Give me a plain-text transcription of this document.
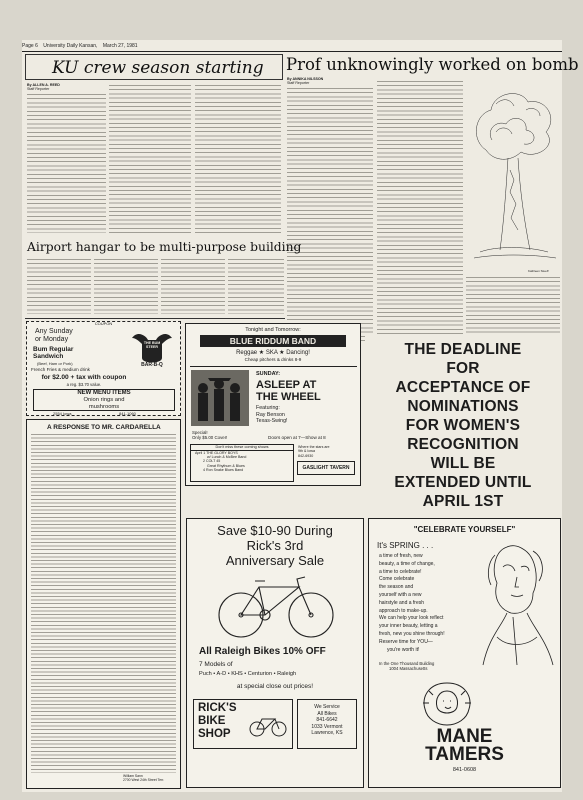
Page 6 University Daily Kansan, March 27, 1981
KU crew season starting
By ALLEN A. REED
Staff Reporter
Prof unknowingly worked on bomb
By ANNIKA NILSSON
Staff Reporter
Kathleen Stueff
Airport hangar to be multi-purpose building
COUPON
Any Sunday
or Monday
Bum Regular
Sandwich
(Beef, Ham or Pork)
French Fries & medium drink
for $2.00 + tax with coupon
a reg. $3.70 value.
THE BUM STEER
BAR-B-Q
NEW MENU ITEMS
Onion rings and
mushrooms
2554 Iowa	841-1060
Tonight and Tomorrow:
BLUE RIDDUM BAND
Reggae ★ SKA ★ Dancing!
Cheap pitchers & drinks 8-9
SUNDAY:
ASLEEP AT
THE WHEEL
Featuring:
Ray Benson
Texas-Swing!
Special!
Only $5.00 Cover!	Doors open at 7—Show at 8
Don't miss these coming shows
April 1 THE GLORY BOYS
w/ Lunch & McBee Band
2 COLT 45
Great Rhythum & Blues
4 Ron Snake Blues Band
Where the stars are
9th & Iowa
842-6930
GASLIGHT TAVERN
A RESPONSE TO MR. CARDARELLA
William Sann
2700 West 24th Street Terr.
THE DEADLINE
FOR
ACCEPTANCE OF
NOMINATIONS
FOR WOMEN'S
RECOGNITION
WILL BE
EXTENDED UNTIL
APRIL 1ST
Save $10-90 During
Rick's 3rd
Anniversary Sale
All Raleigh Bikes 10% OFF
7 Models of
Puch • A-D • KHS • Centurion • Raleigh
at special close out prices!
RICK'S
BIKE
SHOP
We Service
All Bikes
841-6642
1033 Vermont
Lawrence, KS
"CELEBRATE YOURSELF"
It's SPRING . . .
a time of fresh, new
beauty, a time of change,
a time to celebrate!
Come celebrate
the season and
yourself with a new
hairstyle and a fresh
approach to make-up.
We can help your look reflect
your inner beauty, letting a
fresh, new you shine through!
Reserve time for YOU—
you're worth it!
In the One Thousand Building
1004 Massachusetts
MANE
TAMERS
841-0608
